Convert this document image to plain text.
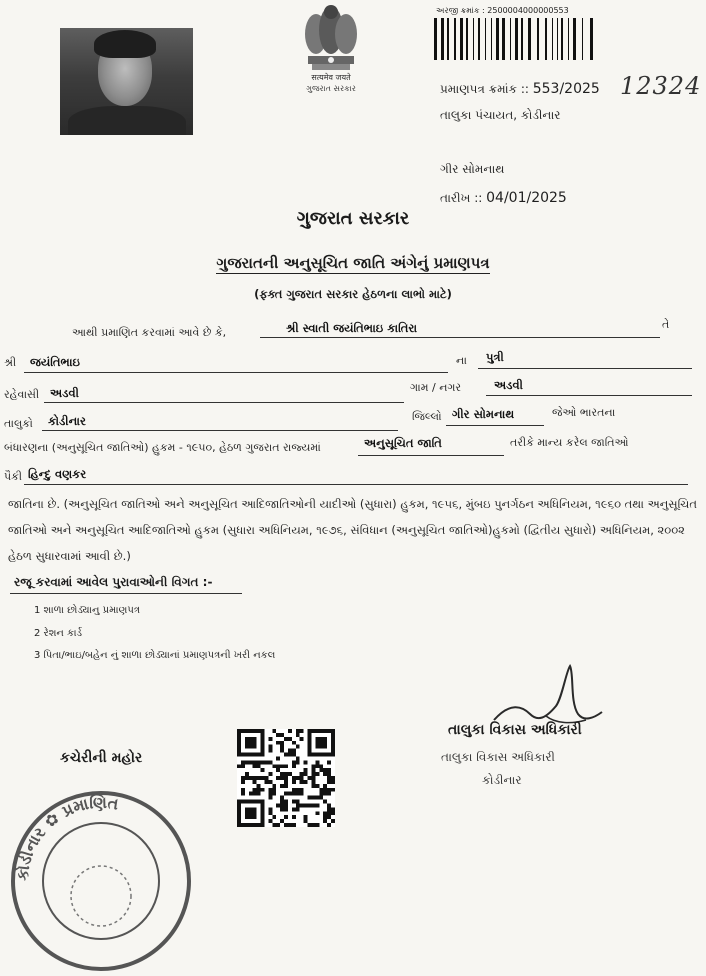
सत्यमेव जयते
ગુજરાત સરકાર
અરજી ક્રમાંક : 2500004000000553
પ્રમાણપત્ર ક્રમાંક :: 553/2025 12324
તાલુકા પંચાયત, કોડીનાર
ગીર સોમનાથ
તારીખ :: 04/01/2025
ગુજરાત સરકાર
ગુજરાતની અનુસૂચિત જાતિ અંગેનું પ્રમાણપત્ર
(ફક્ત ગુજરાત સરકાર હેઠળના લાભો માટે)
આથી પ્રમાણિત કરવામાં આવે છે કે,	શ્રી સ્વાતી જયંતિભાઇ કાતિરા	તે
શ્રી જયંતિભાઇ	ના પુત્રી
રહેવાસી અડવી	ગામ / નગર	અડવી
તાલુકો કોડીનાર	જિલ્લો ગીર સોમનાથ	જેઓ ભારતના
બંધારણના (અનુસૂચિત જાતિઓ) હુકમ - ૧૯૫૦, હેઠળ ગુજરાત રાજ્યમાં	અનુસૂચિત જાતિ	તરીકે માન્ય કરેલ જાતિઓ
પૈકી હિન્દુ વણકર
જાતિના છે. (અનુસૂચિત જાતિઓ અને અનુસૂચિત આદિજાતિઓની યાદીઓ (સુધારા) હુકમ, ૧૯૫૬, મુંબઇ પુનર્ગઠન અધિનિયમ, ૧૯૬૦ તથા અનુસૂચિત જાતિઓ અને અનુસૂચિત આદિજાતિઓ હુકમ (સુધારા અધિનિયમ, ૧૯૭૬, સંવિધાન (અનુસૂચિત જાતિઓ)હુકમો (દ્વિતીય સુધારો) અધિનિયમ, ૨૦૦૨ હેઠળ સુધારવામાં આવી છે.)
રજૂ કરવામાં આવેલ પુરાવાઓની વિગત :-
1 શાળા છોડ્યાનુ પ્રમાણપત્ર
2 રેશન કાર્ડ
3 પિતા/ભાઇ/બહેન નું શાળા છોડ્યાનાં પ્રમાણપત્રની ખરી નકલ
કચેરીની મહોર
કોડીનાર ✿ પ્રમાણિત
તાલુકા વિકાસ અધિકારી
તાલુકા વિકાસ અધિકારી
કોડીનાર
